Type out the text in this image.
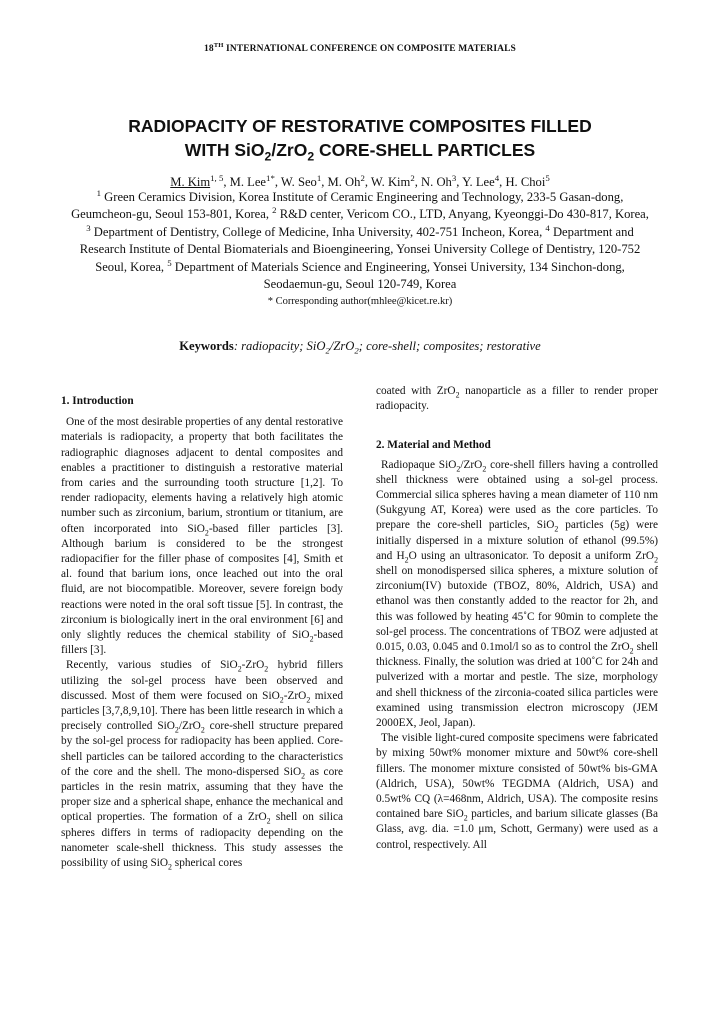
18TH INTERNATIONAL CONFERENCE ON COMPOSITE MATERIALS
RADIOPACITY OF RESTORATIVE COMPOSITES FILLED
WITH SiO$_2$/ZrO$_2$ CORE-SHELL PARTICLES
M. Kim$^{1, 5}$, M. Lee$^{1*}$, W. Seo$^1$, M. Oh$^2$, W. Kim$^2$, N. Oh$^3$, Y. Lee$^4$, H. Choi$^5$
$^1$ Green Ceramics Division, Korea Institute of Ceramic Engineering and Technology, 233-5 Gasan-dong, Geumcheon-gu, Seoul 153-801, Korea, $^2$ R&D center, Vericom CO., LTD, Anyang, Kyeonggi-Do 430-817, Korea, $^3$ Department of Dentistry, College of Medicine, Inha University, 402-751 Incheon, Korea, $^4$ Department and Research Institute of Dental Biomaterials and Bioengineering, Yonsei University College of Dentistry, 120-752 Seoul, Korea, $^5$ Department of Materials Science and Engineering, Yonsei University, 134 Sinchon-dong, Seodaemun-gu, Seoul 120-749, Korea
* Corresponding author(mhlee@kicet.re.kr)
Keywords: radiopacity; SiO$_2$/ZrO$_2$; core-shell; composites; restorative
1. Introduction

One of the most desirable properties of any dental restorative materials is radiopacity, a property that both facilitates the radiographic diagnoses adjacent to dental composites and enables a practitioner to distinguish a restorative material from caries and the surrounding tooth structure [1,2]. To render radiopacity, elements having a relatively high atomic number such as zirconium, barium, strontium or titanium, are often incorporated into SiO$_2$-based filler particles [3]. Although barium is considered to be the strongest radiopacifier for the filler phase of composites [4], Smith et al. found that barium ions, once leached out into the oral fluid, are not biocompatible. Moreover, severe foreign body reactions were noted in the oral soft tissue [5]. In contrast, the zirconium is biologically inert in the oral environment [6] and only slightly reduces the chemical stability of SiO$_2$-based fillers [3].

Recently, various studies of SiO$_2$-ZrO$_2$ hybrid fillers utilizing the sol-gel process have been observed and discussed. Most of them were focused on SiO$_2$-ZrO$_2$ mixed particles [3,7,8,9,10]. There has been little research in which a precisely controlled SiO$_2$/ZrO$_2$ core-shell structure prepared by the sol-gel process for radiopacity has been applied. Core-shell particles can be tailored according to the characteristics of the core and the shell. The mono-dispersed SiO$_2$ as core particles in the resin matrix, assuming that they have the proper size and a spherical shape, enhance the mechanical and optical properties. The formation of a ZrO$_2$ shell on silica spheres differs in terms of radiopacity depending on the nanometer scale-shell thickness. This study assesses the possibility of using SiO$_2$ spherical cores

coated with ZrO$_2$ nanoparticle as a filler to render proper radiopacity.

2. Material and Method

Radiopaque SiO$_2$/ZrO$_2$ core-shell fillers having a controlled shell thickness were obtained using a sol-gel process. Commercial silica spheres having a mean diameter of 110 nm (Sukgyung AT, Korea) were used as the core particles. To prepare the core-shell particles, SiO$_2$ particles (5g) were initially dispersed in a mixture solution of ethanol (99.5%) and $H_2O$ using an ultrasonicator. To deposit a uniform ZrO$_2$ shell on monodispersed silica spheres, a mixture solution of zirconium(IV) butoxide (TBOZ, 80%, Aldrich, USA) and ethanol was then constantly added to the reactor for 2h, and this was followed by heating 45˚C for 90min to complete the sol-gel process. The concentrations of TBOZ were adjusted at 0.015, 0.03, 0.045 and 0.1mol/l so as to control the ZrO$_2$ shell thickness. Finally, the solution was dried at 100˚C for 24h and pulverized with a mortar and pestle. The size, morphology and shell thickness of the zirconia-coated silica particles were examined using transmission electron microscopy (JEM 2000EX, Jeol, Japan).

The visible light-cured composite specimens were fabricated by mixing 50wt% monomer mixture and 50wt% core-shell fillers. The monomer mixture consisted of 50wt% bis-GMA (Aldrich, USA), 50wt% TEGDMA (Aldrich, USA) and 0.5wt% CQ (λ=468nm, Aldrich, USA). The composite resins contained bare SiO$_2$ particles, and barium silicate glasses (Ba Glass, avg. dia. =1.0 μm, Schott, Germany) were used as a control, respectively. All
